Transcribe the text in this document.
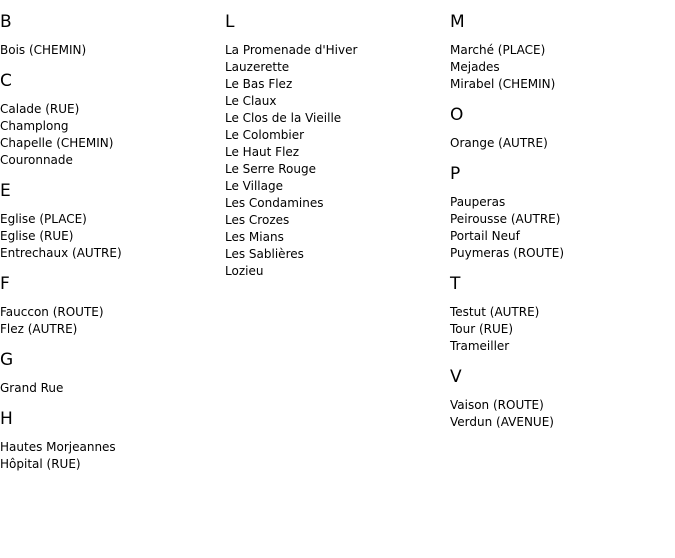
B
Bois (CHEMIN)
C
Calade (RUE)
Champlong
Chapelle (CHEMIN)
Couronnade
E
Eglise (PLACE)
Eglise (RUE)
Entrechaux (AUTRE)
F
Fauccon (ROUTE)
Flez (AUTRE)
G
Grand Rue
H
Hautes Morjeannes
Hôpital (RUE)
L
La Promenade d'Hiver
Lauzerette
Le Bas Flez
Le Claux
Le Clos de la Vieille
Le Colombier
Le Haut Flez
Le Serre Rouge
Le Village
Les Condamines
Les Crozes
Les Mians
Les Sablières
Lozieu
M
Marché (PLACE)
Mejades
Mirabel (CHEMIN)
O
Orange (AUTRE)
P
Pauperas
Peirousse (AUTRE)
Portail Neuf
Puymeras (ROUTE)
T
Testut (AUTRE)
Tour (RUE)
Trameiller
V
Vaison (ROUTE)
Verdun (AVENUE)
